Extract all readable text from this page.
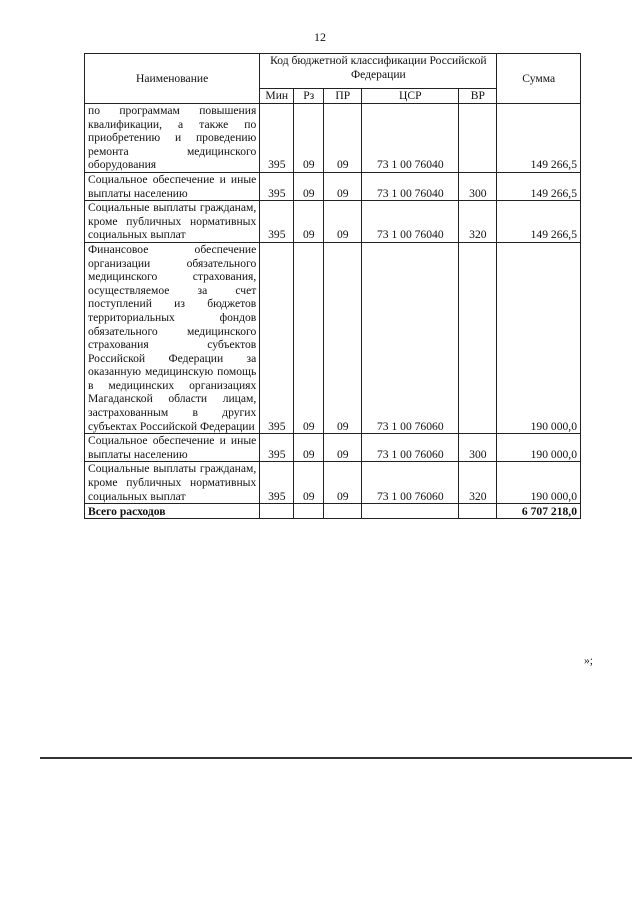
12
Наименование	Код бюджетной классификации Российской Федерации					Сумма
	Мин	Рз	ПР	ЦСР	ВР	
по программам повышения квалификации, а также по приобретению и проведению ремонта медицинского оборудования	395	09	09	73 1 00 76040		149 266,5
Социальное обеспечение и иные выплаты населению	395	09	09	73 1 00 76040	300	149 266,5
Социальные выплаты гражданам, кроме публичных нормативных социальных выплат	395	09	09	73 1 00 76040	320	149 266,5
Финансовое обеспечение организации обязательного медицинского страхования, осуществляемое за счет поступлений из бюджетов территориальных фондов обязательного медицинского страхования субъектов Российской Федерации за оказанную медицинскую помощь в медицинских организациях Магаданской области лицам, застрахованным в других субъектах Российской Федерации	395	09	09	73 1 00 76060		190 000,0
Социальное обеспечение и иные выплаты населению	395	09	09	73 1 00 76060	300	190 000,0
Социальные выплаты гражданам, кроме публичных нормативных социальных выплат	395	09	09	73 1 00 76060	320	190 000,0
Всего расходов						6 707 218,0
»;
